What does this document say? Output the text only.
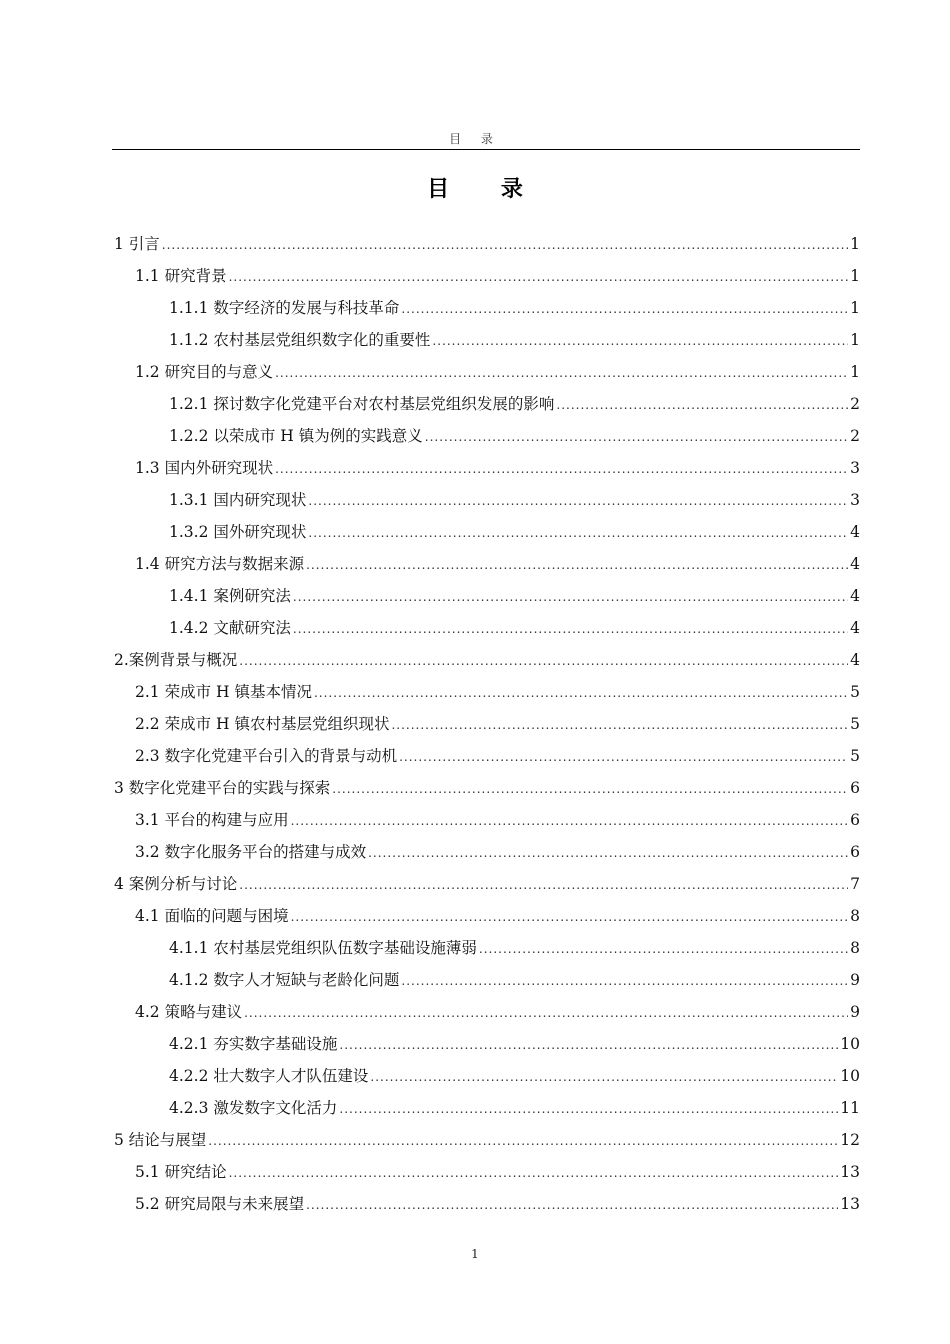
目 录
目 录
1 引言 .....	1
1.1 研究背景 .....	1
1.1.1 数字经济的发展与科技革命 .....	1
1.1.2 农村基层党组织数字化的重要性 .....	1
1.2 研究目的与意义 .....	1
1.2.1 探讨数字化党建平台对农村基层党组织发展的影响 .....	2
1.2.2 以荣成市 H 镇为例的实践意义 .....	2
1.3 国内外研究现状 .....	3
1.3.1 国内研究现状 .....	3
1.3.2 国外研究现状 .....	4
1.4 研究方法与数据来源 .....	4
1.4.1 案例研究法 .....	4
1.4.2 文献研究法 .....	4
2.案例背景与概况 .....	4
2.1 荣成市 H 镇基本情况 .....	5
2.2 荣成市 H 镇农村基层党组织现状 .....	5
2.3 数字化党建平台引入的背景与动机 .....	5
3 数字化党建平台的实践与探索 .....	6
3.1 平台的构建与应用 .....	6
3.2 数字化服务平台的搭建与成效 .....	6
4 案例分析与讨论 .....	7
4.1 面临的问题与困境 .....	8
4.1.1 农村基层党组织队伍数字基础设施薄弱 .....	8
4.1.2 数字人才短缺与老龄化问题 .....	9
4.2 策略与建议 .....	9
4.2.1 夯实数字基础设施 .....	10
4.2.2 壮大数字人才队伍建设 .....	10
4.2.3 激发数字文化活力 .....	11
5 结论与展望 .....	12
5.1 研究结论 .....	13
5.2 研究局限与未来展望 .....	13
1
